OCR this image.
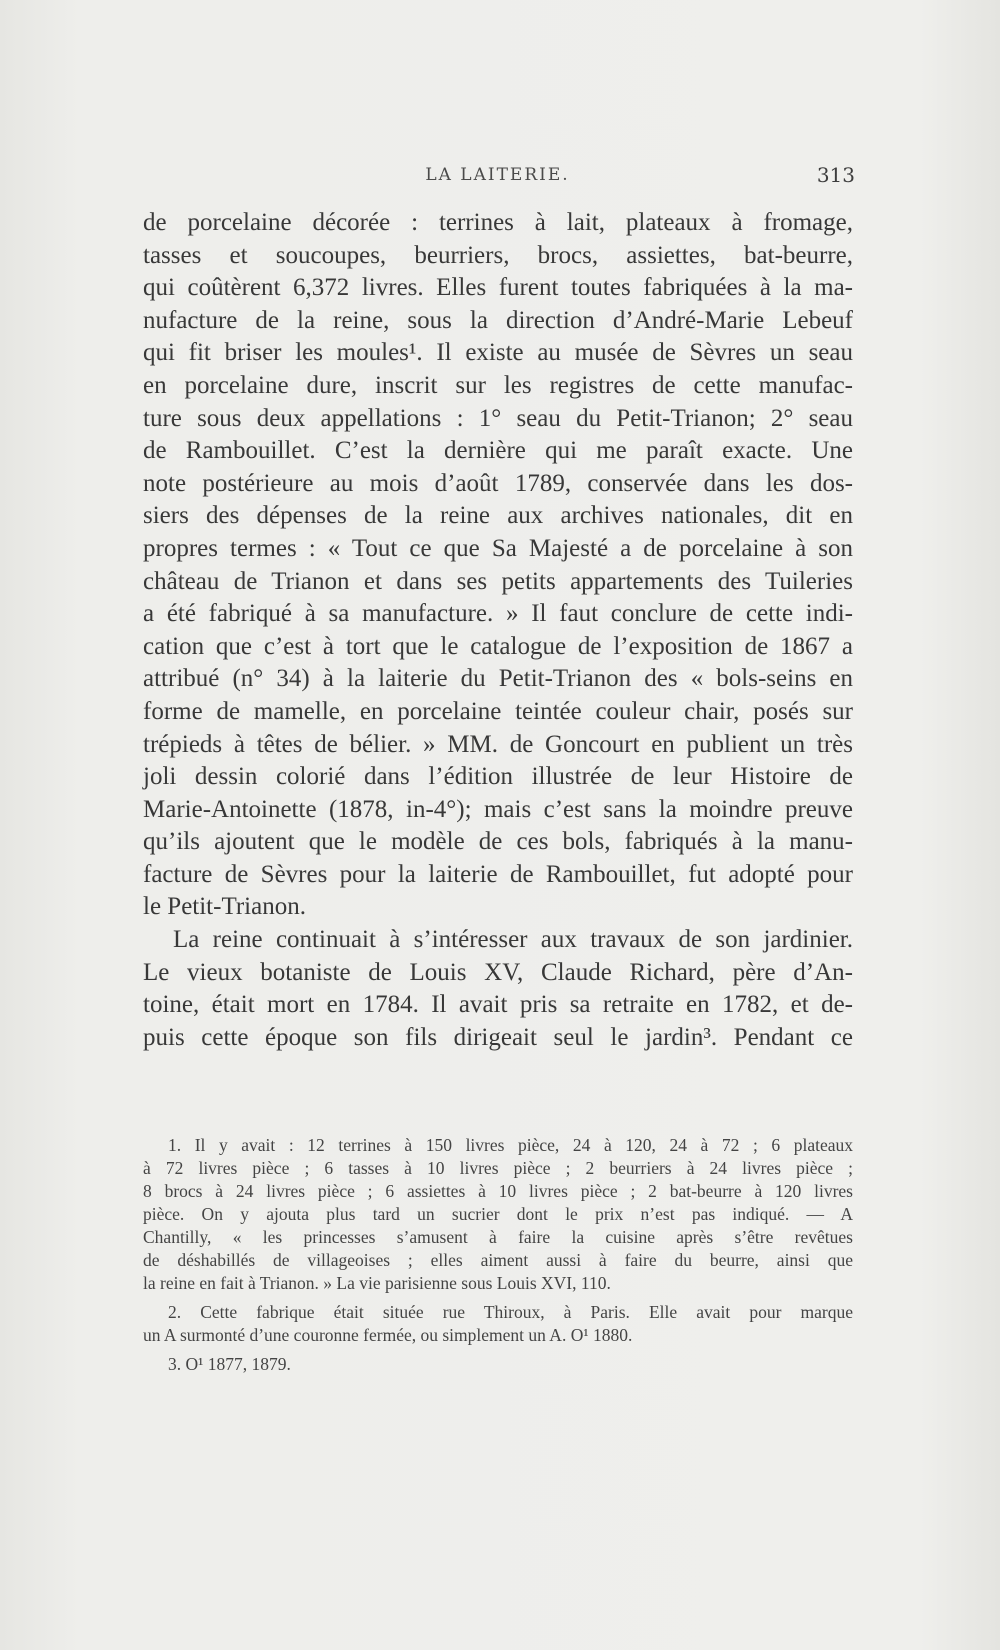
LA LAITERIE.	313
de porcelaine décorée : terrines à lait, plateaux à fromage,
tasses et soucoupes, beurriers, brocs, assiettes, bat-beurre,
qui coûtèrent 6,372 livres. Elles furent toutes fabriquées à la ma-
nufacture de la reine, sous la direction d’André-Marie Lebeuf
qui fit briser les moules¹. Il existe au musée de Sèvres un seau
en porcelaine dure, inscrit sur les registres de cette manufac-
ture sous deux appellations : 1° seau du Petit-Trianon; 2° seau
de Rambouillet. C’est la dernière qui me paraît exacte. Une
note postérieure au mois d’août 1789, conservée dans les dos-
siers des dépenses de la reine aux archives nationales, dit en
propres termes : « Tout ce que Sa Majesté a de porcelaine à son
château de Trianon et dans ses petits appartements des Tuileries
a été fabriqué à sa manufacture. » Il faut conclure de cette indi-
cation que c’est à tort que le catalogue de l’exposition de 1867 a
attribué (n° 34) à la laiterie du Petit-Trianon des « bols-seins en
forme de mamelle, en porcelaine teintée couleur chair, posés sur
trépieds à têtes de bélier. » MM. de Goncourt en publient un très
joli dessin colorié dans l’édition illustrée de leur Histoire de
Marie-Antoinette (1878, in-4°); mais c’est sans la moindre preuve
qu’ils ajoutent que le modèle de ces bols, fabriqués à la manu-
facture de Sèvres pour la laiterie de Rambouillet, fut adopté pour
le Petit-Trianon.
La reine continuait à s’intéresser aux travaux de son jardinier.
Le vieux botaniste de Louis XV, Claude Richard, père d’An-
toine, était mort en 1784. Il avait pris sa retraite en 1782, et de-
puis cette époque son fils dirigeait seul le jardin³. Pendant ce
1. Il y avait : 12 terrines à 150 livres pièce, 24 à 120, 24 à 72 ; 6 plateaux
à 72 livres pièce ; 6 tasses à 10 livres pièce ; 2 beurriers à 24 livres pièce ;
8 brocs à 24 livres pièce ; 6 assiettes à 10 livres pièce ; 2 bat-beurre à 120 livres
pièce. On y ajouta plus tard un sucrier dont le prix n’est pas indiqué. — A
Chantilly, « les princesses s’amusent à faire la cuisine après s’être revêtues
de déshabillés de villageoises ; elles aiment aussi à faire du beurre, ainsi que
la reine en fait à Trianon. » La vie parisienne sous Louis XVI, 110.
2. Cette fabrique était située rue Thiroux, à Paris. Elle avait pour marque
un A surmonté d’une couronne fermée, ou simplement un A. O¹ 1880.
3. O¹ 1877, 1879.
